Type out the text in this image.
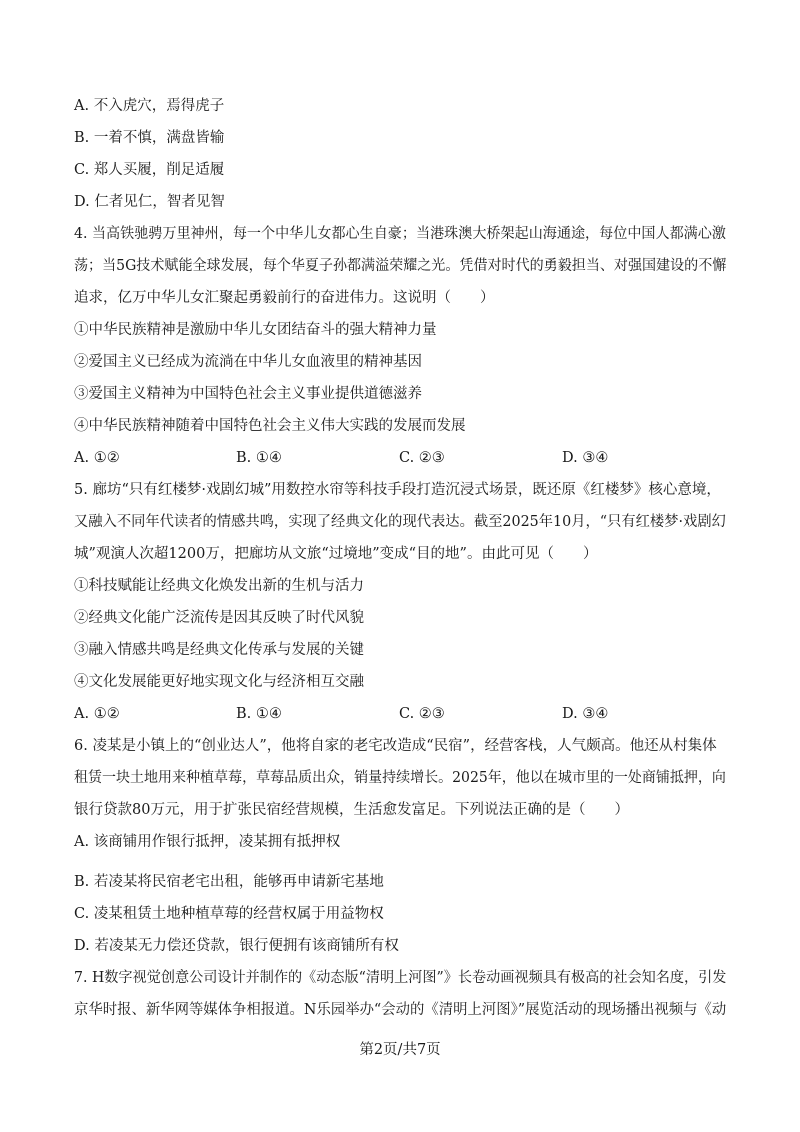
A. 不入虎穴，焉得虎子
B. 一着不慎，满盘皆输
C. 郑人买履，削足适履
D. 仁者见仁，智者见智
4. 当高铁驰骋万里神州，每一个中华儿女都心生自豪；当港珠澳大桥架起山海通途，每位中国人都满心激
荡；当5G技术赋能全球发展，每个华夏子孙都满溢荣耀之光。凭借对时代的勇毅担当、对强国建设的不懈
追求，亿万中华儿女汇聚起勇毅前行的奋进伟力。这说明（　　）
①中华民族精神是激励中华儿女团结奋斗的强大精神力量
②爱国主义已经成为流淌在中华儿女血液里的精神基因
③爱国主义精神为中国特色社会主义事业提供道德滋养
④中华民族精神随着中国特色社会主义伟大实践的发展而发展
A. ①②	B. ①④	C. ②③	D. ③④
5. 廊坊“只有红楼梦·戏剧幻城”用数控水帘等科技手段打造沉浸式场景，既还原《红楼梦》核心意境，
又融入不同年代读者的情感共鸣，实现了经典文化的现代表达。截至2025年10月，“只有红楼梦·戏剧幻
城”观演人次超1200万，把廊坊从文旅“过境地”变成“目的地”。由此可见（　　）
①科技赋能让经典文化焕发出新的生机与活力
②经典文化能广泛流传是因其反映了时代风貌
③融入情感共鸣是经典文化传承与发展的关键
④文化发展能更好地实现文化与经济相互交融
A. ①②	B. ①④	C. ②③	D. ③④
6. 凌某是小镇上的“创业达人”，他将自家的老宅改造成“民宿”，经营客栈，人气颇高。他还从村集体
租赁一块土地用来种植草莓，草莓品质出众，销量持续增长。2025年，他以在城市里的一处商铺抵押，向
银行贷款80万元，用于扩张民宿经营规模，生活愈发富足。下列说法正确的是（　　）
A. 该商铺用作银行抵押，凌某拥有抵押权
B. 若凌某将民宿老宅出租，能够再申请新宅基地
C. 凌某租赁土地种植草莓的经营权属于用益物权
D. 若凌某无力偿还贷款，银行便拥有该商铺所有权
7. H数字视觉创意公司设计并制作的《动态版“清明上河图”》长卷动画视频具有极高的社会知名度，引发
京华时报、新华网等媒体争相报道。N乐园举办“会动的《清明上河图》”展览活动的现场播出视频与《动
第2页/共7页
